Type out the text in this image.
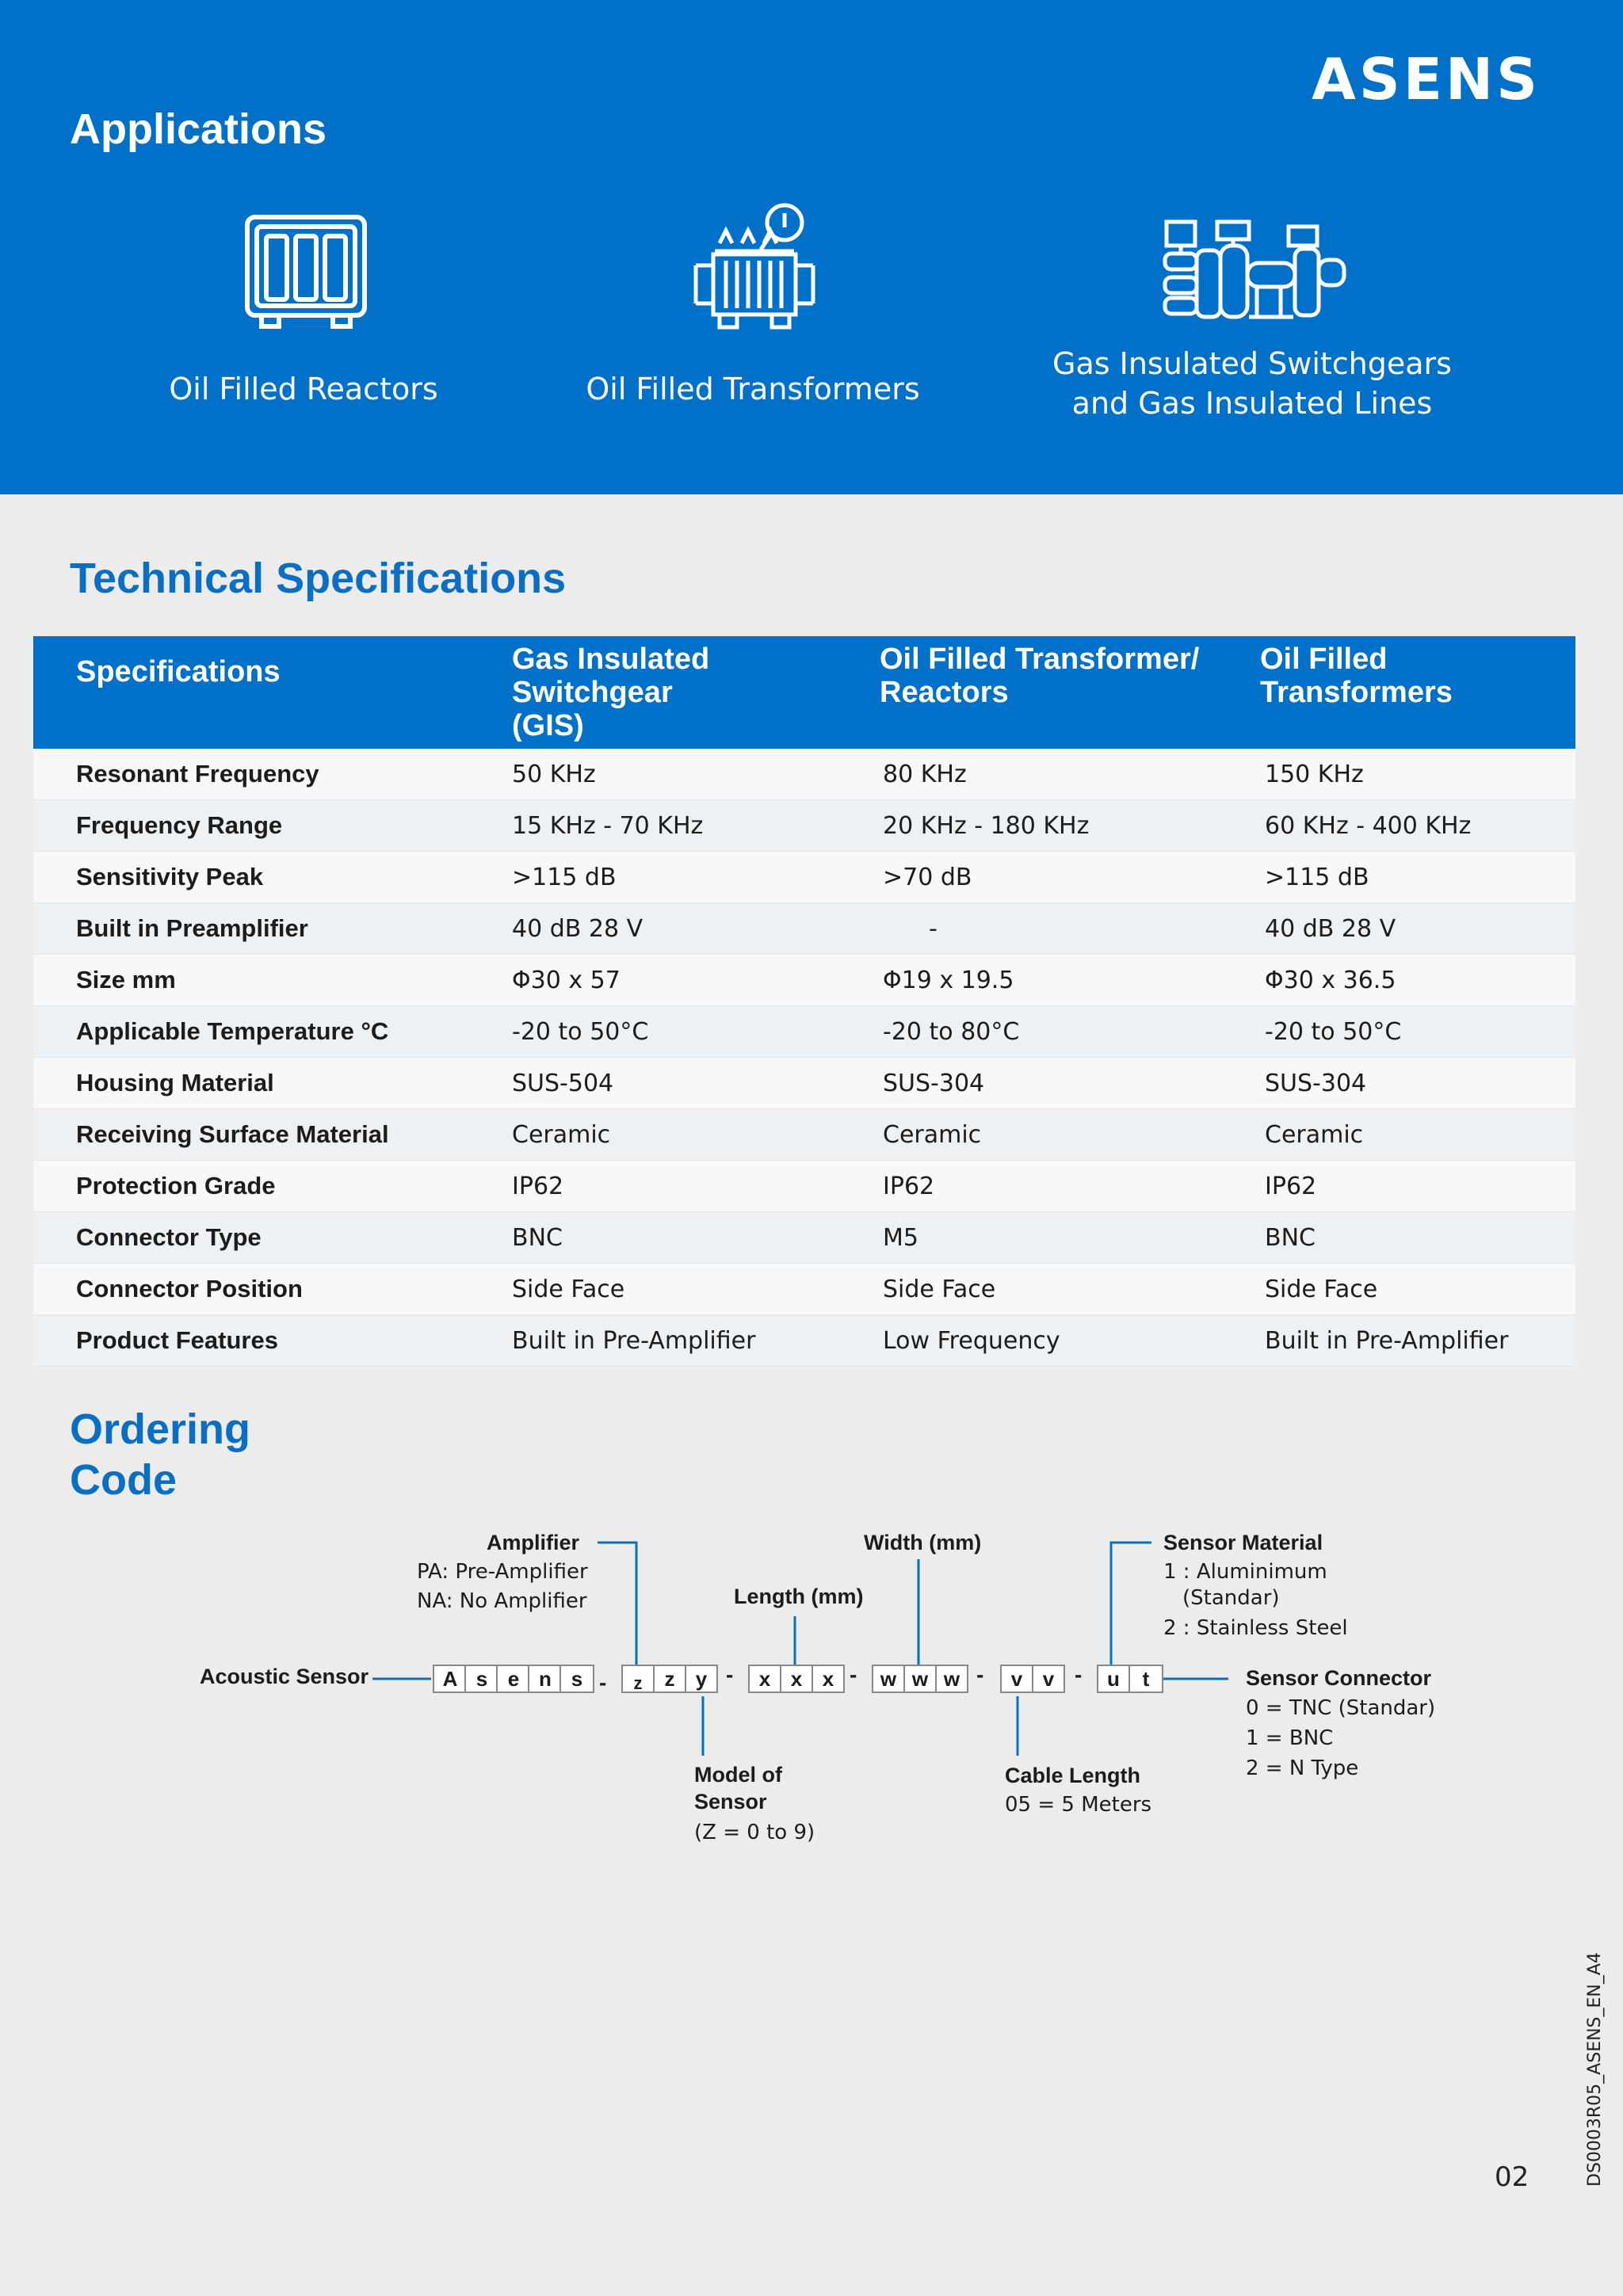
ASENS
Applications
Oil Filled Reactors	Oil Filled Transformers
Gas Insulated Switchgears
and Gas Insulated Lines
Technical Specifications
Specifications	Gas Insulated Switchgear (GIS)	Oil Filled Transformer/ Reactors	Oil Filled Transformers

Resonant Frequency	50 KHz	80 KHz	150 KHz
Frequency Range	15 KHz - 70 KHz	20 KHz - 180 KHz	60 KHz - 400 KHz
Sensitivity Peak	>115 dB	>70 dB	>115 dB
Built in Preamplifier	40 dB 28 V	-	40 dB 28 V
Size mm	Φ30 x 57	Φ19 x 19.5	Φ30 x 36.5
Applicable Temperature °C	-20 to 50°C	-20 to 80°C	-20 to 50°C
Housing Material	SUS-504	SUS-304	SUS-304
Receiving Surface Material	Ceramic	Ceramic	Ceramic
Protection Grade	IP62	IP62	IP62
Connector Type	BNC	M5	BNC
Connector Position	Side Face	Side Face	Side Face
Product Features	Built in Pre-Amplifier	Low Frequency	Built in Pre-Amplifier
Ordering
Code
Acoustic Sensor	A s e n s -	z	z	y -	x x x -	w w w -	v v -	u	t
Amplifier
PA: Pre-Amplifier
NA: No Amplifier	Length (mm)
Width (mm)	Sensor Material
1 : Aluminimum
(Standar)
2 : Stainless Steel
Sensor Connector
0 = TNC (Standar)
1 = BNC
2 = N Type
Model of
Sensor
(Z = 0 to 9)
Cable Length
05 = 5 Meters
DS0003R05_ASENS_EN_A4
02
